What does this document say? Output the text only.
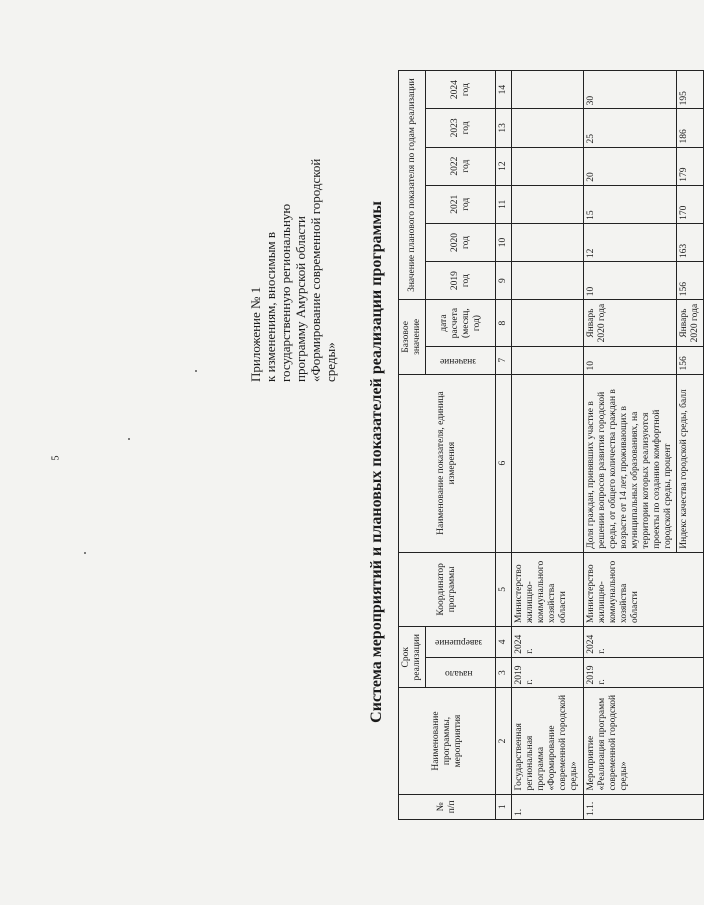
5
Приложение № 1 к изменениям, вносимым в государственную региональную программу Амурской области «Формирование современной городской среды» Система мероприятий и плановых показателей реализации программы
№ п/п	Наименование программы, мероприятия	Срок реализации		Координатор программы	Наименование показателя, единица измерения	Базовое значение		Значение планового показателя по годам реализации					
		начало	завершение			значение	дата расчета (месяц, год)	2019 год	2020 год	2021 год	2022 год	2023 год	2024 год

1	2	3	4	5	6	7	8	9	10	11	12	13	14
1.	Государственная региональная программа «Формирование современной городской среды»	2019 г.	2024 г.	Министерство жилищно-коммунального хозяйства области									
1.1.	Мероприятие «Реализация программ современной городской среды»	2019 г.	2024 г.	Министерство жилищно-коммунального хозяйства области	Доля граждан, принявших участие в решении вопросов развития городской среды, от общего количества граждан в возрасте от 14 лет, проживающих в муниципальных образованиях, на территории которых реализуются проекты по созданию комфортной городской среды, процент	10	Январь 2020 года	10	12	15	20	25	30
					Индекс качества городской среды, балл	156	Январь 2020 года	156	163	170	179	186	195
